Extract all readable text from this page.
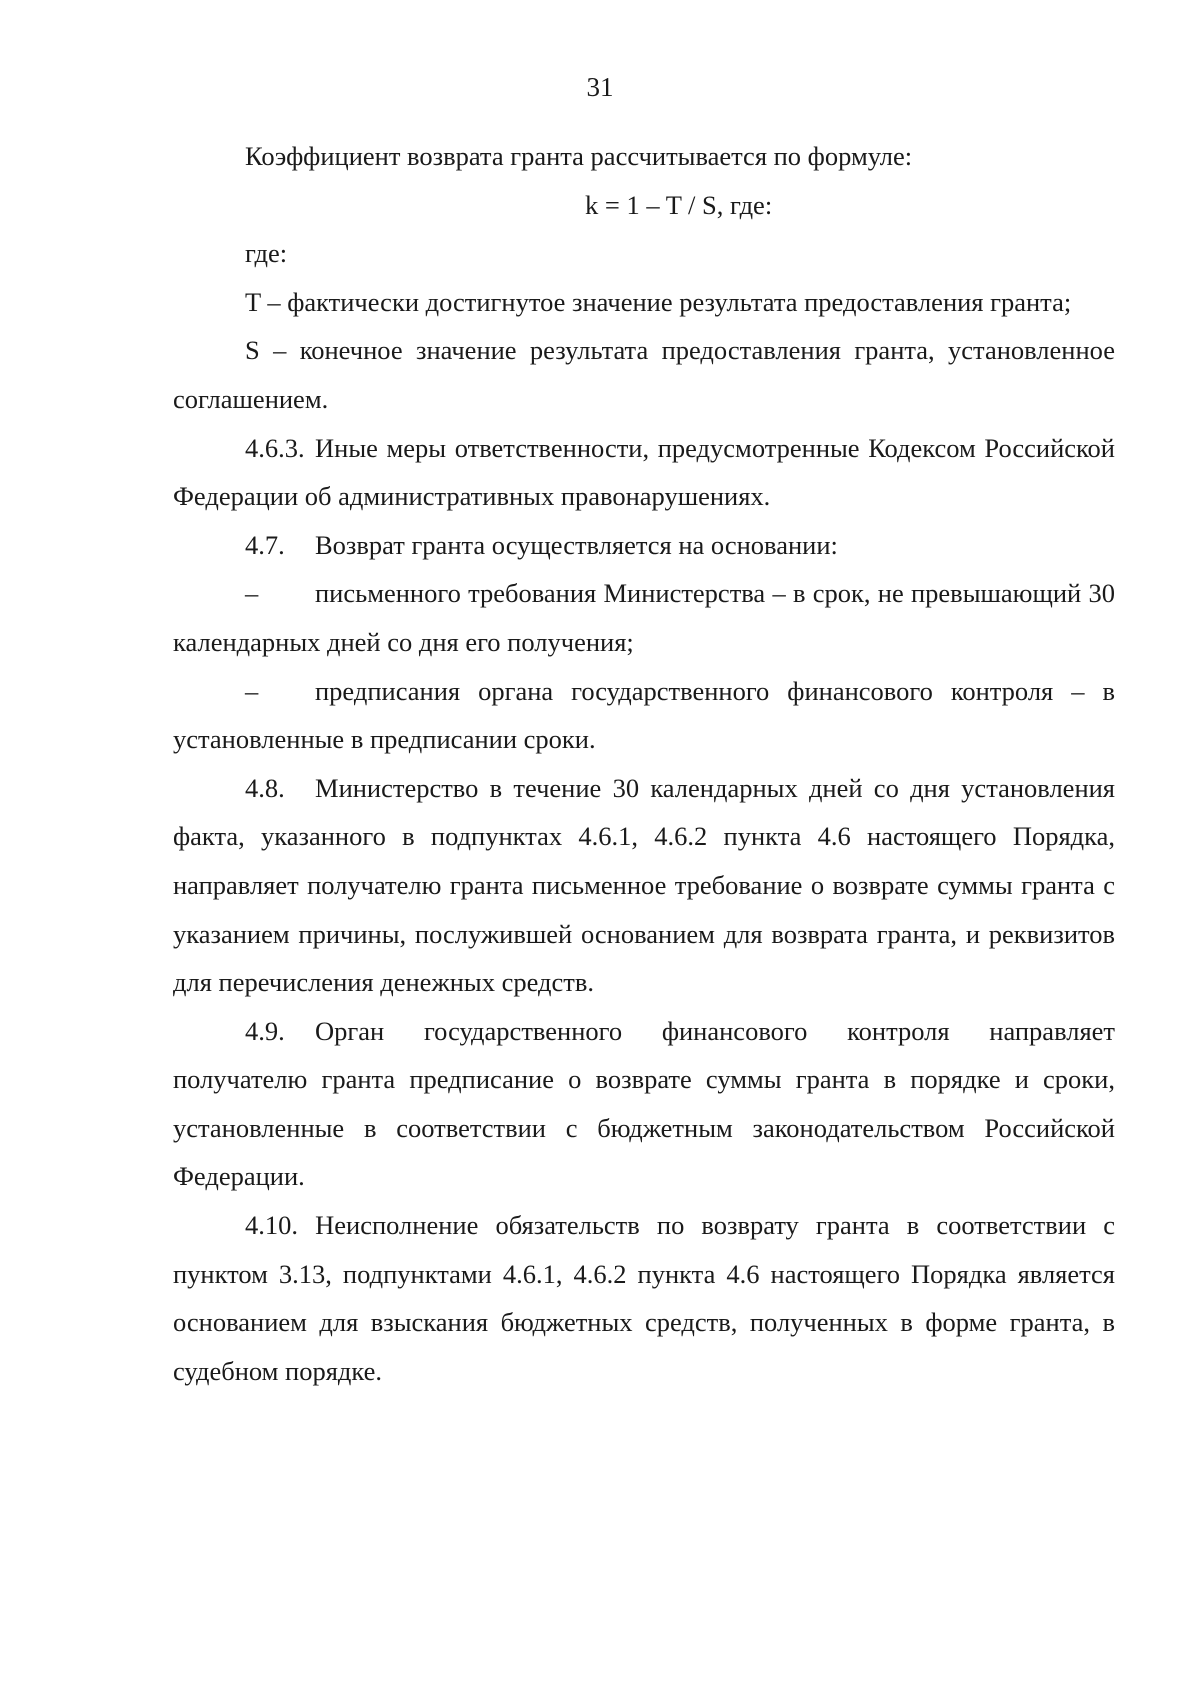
31

Коэффициент возврата гранта рассчитывается по формуле:

k = 1 – T / S, где:

где:

T – фактически достигнутое значение результата предоставления гранта;

S – конечное значение результата предоставления гранта, установленное соглашением.

4.6.3. Иные меры ответственности, предусмотренные Кодексом Российской Федерации об административных правонарушениях.

4.7. Возврат гранта осуществляется на основании:

– письменного требования Министерства – в срок, не превышающий 30 календарных дней со дня его получения;

– предписания органа государственного финансового контроля – в установленные в предписании сроки.

4.8. Министерство в течение 30 календарных дней со дня установления факта, указанного в подпунктах 4.6.1, 4.6.2 пункта 4.6 настоящего Порядка, направляет получателю гранта письменное требование о возврате суммы гранта с указанием причины, послужившей основанием для возврата гранта, и реквизитов для перечисления денежных средств.

4.9. Орган государственного финансового контроля направляет получателю гранта предписание о возврате суммы гранта в порядке и сроки, установленные в соответствии с бюджетным законодательством Российской Федерации.

4.10. Неисполнение обязательств по возврату гранта в соответствии с пунктом 3.13, подпунктами 4.6.1, 4.6.2 пункта 4.6 настоящего Порядка является основанием для взыскания бюджетных средств, полученных в форме гранта, в судебном порядке.
